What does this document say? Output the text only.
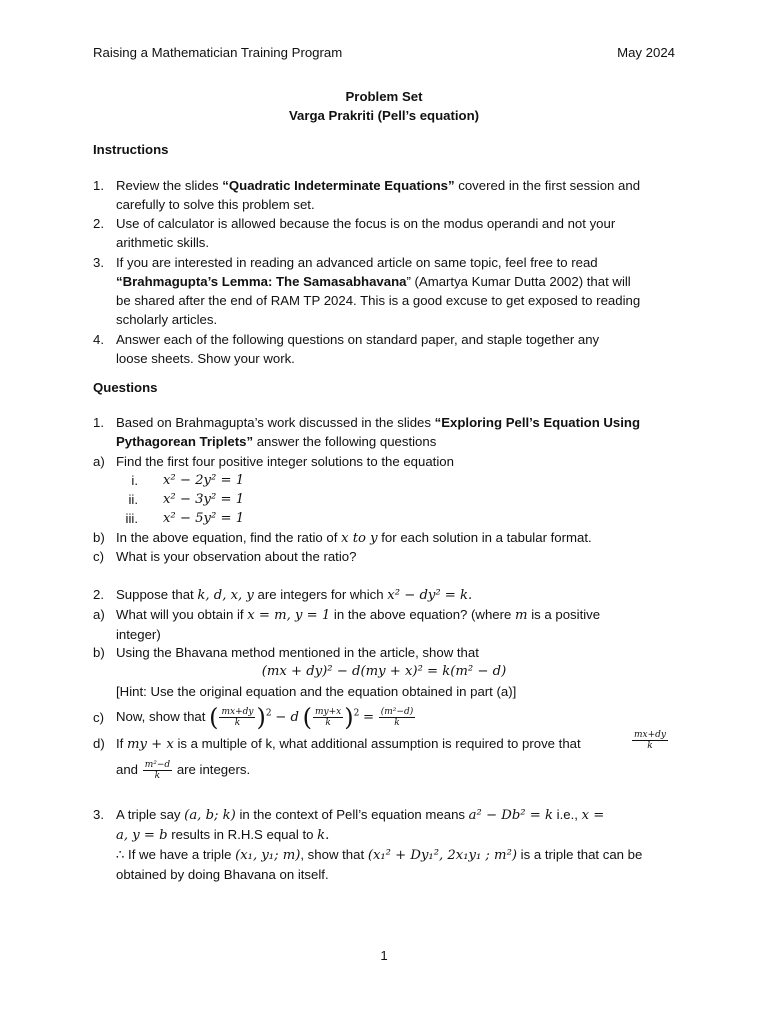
Raising a Mathematician Training Program	May 2024
Problem Set
Varga Prakriti (Pell’s equation)
Instructions
1. Review the slides “Quadratic Indeterminate Equations” covered in the first session and
carefully to solve this problem set.
2. Use of calculator is allowed because the focus is on the modus operandi and not your
arithmetic skills.
3. If you are interested in reading an advanced article on same topic, feel free to read
“Brahmagupta’s Lemma: The Samasabhavana” (Amartya Kumar Dutta 2002) that will
be shared after the end of RAM TP 2024. This is a good excuse to get exposed to reading
scholarly articles.
4. Answer each of the following questions on standard paper, and staple together any
loose sheets. Show your work.
Questions
1. Based on Brahmagupta’s work discussed in the slides “Exploring Pell’s Equation Using
Pythagorean Triplets” answer the following questions
a) Find the first four positive integer solutions to the equation
i. x² − 2y² = 1
ii. x² − 3y² = 1
iii. x² − 5y² = 1
b) In the above equation, find the ratio of x to y for each solution in a tabular format.
c) What is your observation about the ratio?
2. Suppose that k, d, x, y are integers for which x² − dy² = k.
a) What will you obtain if x = m, y = 1 in the above equation? (where m is a positive
integer)
b) Using the Bhavana method mentioned in the article, show that
(mx + dy)² − d(my + x)² = k(m² − d)
[Hint: Use the original equation and the equation obtained in part (a)]
c) Now, show that ( $\frac{mx+dy}{k} )^2 - d$ ( $\frac{my+x}{k} )^2 = \frac{\text{(m²−d)}}{k}$
d) If my + x is a multiple of k, what additional assumption is required to prove that	$\frac{mx+dy}{k}$
and $\frac{\text{m²−d}}{k}$ are integers.
3. A triple say (a, b; k) in the context of Pell’s equation means a² − Db² = k i.e., x =
a, y = b results in R.H.S equal to k.
∴ If we have a triple (x₁, y₁; m), show that (x₁² + Dy₁², 2x₁y₁ ; m²) is a triple that can be
obtained by doing Bhavana on itself.
1
